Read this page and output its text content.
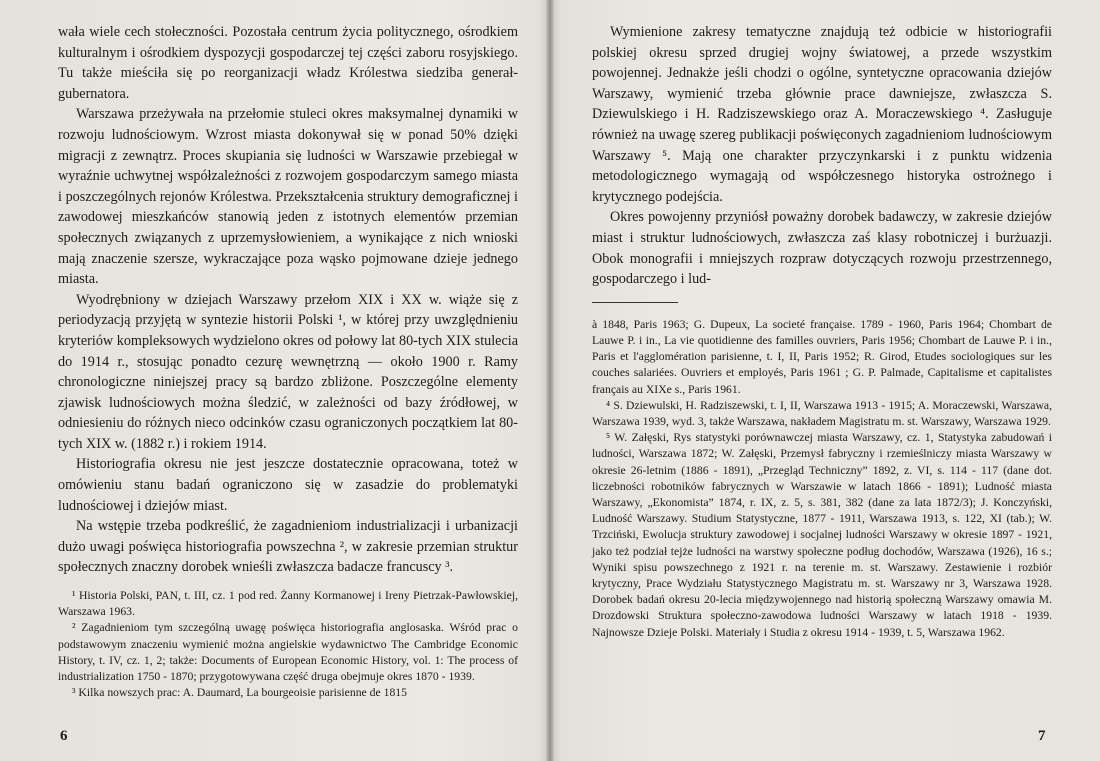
wała wiele cech stołeczności. Pozostała centrum życia politycznego, ośrodkiem kulturalnym i ośrodkiem dyspozycji gospodarczej tej części zaboru rosyjskiego. Tu także mieściła się po reorganizacji władz Królestwa siedziba generał-gubernatora.

Warszawa przeżywała na przełomie stuleci okres maksymalnej dynamiki w rozwoju ludnościowym. Wzrost miasta dokonywał się w ponad 50% dzięki migracji z zewnątrz. Proces skupiania się ludności w Warszawie przebiegał w wyraźnie uchwytnej współzależności z rozwojem gospodarczym samego miasta i poszczególnych rejonów Królestwa. Przekształcenia struktury demograficznej i zawodowej mieszkańców stanowią jeden z istotnych elementów przemian społecznych związanych z uprzemysłowieniem, a wynikające z nich wnioski mają znaczenie szersze, wykraczające poza wąsko pojmowane dzieje jednego miasta.

Wyodrębniony w dziejach Warszawy przełom XIX i XX w. wiąże się z periodyzacją przyjętą w syntezie historii Polski ¹, w której przy uwzględnieniu kryteriów kompleksowych wydzielono okres od połowy lat 80-tych XIX stulecia do 1914 r., stosując ponadto cezurę wewnętrzną — około 1900 r. Ramy chronologiczne niniejszej pracy są bardzo zbliżone. Poszczególne elementy zjawisk ludnościowych można śledzić, w zależności od bazy źródłowej, w odniesieniu do różnych nieco odcinków czasu ograniczonych początkiem lat 80-tych XIX w. (1882 r.) i rokiem 1914.

Historiografia okresu nie jest jeszcze dostatecznie opracowana, toteż w omówieniu stanu badań ograniczono się w zasadzie do problematyki ludnościowej i dziejów miast.

Na wstępie trzeba podkreślić, że zagadnieniom industrializacji i urbanizacji dużo uwagi poświęca historiografia powszechna ², w zakresie przemian struktur społecznych znaczny dorobek wnieśli zwłaszcza badacze francuscy ³.

¹ Historia Polski, PAN, t. III, cz. 1 pod red. Żanny Kormanowej i Ireny Pietrzak-Pawłowskiej, Warszawa 1963.

² Zagadnieniom tym szczególną uwagę poświęca historiografia anglosaska. Wśród prac o podstawowym znaczeniu wymienić można angielskie wydawnictwo The Cambridge Economic History, t. IV, cz. 1, 2; także: Documents of European Economic History, vol. 1: The process of industrialization 1750 - 1870; przygotowywana część druga obejmuje okres 1870 - 1939.

³ Kilka nowszych prac: A. Daumard, La bourgeoisie parisienne de 1815

6

Wymienione zakresy tematyczne znajdują też odbicie w historiografii polskiej okresu sprzed drugiej wojny światowej, a przede wszystkim powojennej. Jednakże jeśli chodzi o ogólne, syntetyczne opracowania dziejów Warszawy, wymienić trzeba głównie prace dawniejsze, zwłaszcza S. Dziewulskiego i H. Radziszewskiego oraz A. Moraczewskiego ⁴. Zasługuje również na uwagę szereg publikacji poświęconych zagadnieniom ludnościowym Warszawy ⁵. Mają one charakter przyczynkarski i z punktu widzenia metodologicznego wymagają od współczesnego historyka ostrożnego i krytycznego podejścia.

Okres powojenny przyniósł poważny dorobek badawczy, w zakresie dziejów miast i struktur ludnościowych, zwłaszcza zaś klasy robotniczej i burżuazji. Obok monografii i mniejszych rozpraw dotyczących rozwoju przestrzennego, gospodarczego i lud-

à 1848, Paris 1963; G. Dupeux, La societé française. 1789 - 1960, Paris 1964; Chombart de Lauwe P. i in., La vie quotidienne des familles ouvriers, Paris 1956; Chombart de Lauwe P. i in., Paris et l'agglomération parisienne, t. I, II, Paris 1952; R. Girod, Etudes sociologiques sur les couches salariées. Ouvriers et employés, Paris 1961 ; G. P. Palmade, Capitalisme et capitalistes français au XIXe s., Paris 1961.

⁴ S. Dziewulski, H. Radziszewski, t. I, II, Warszawa 1913 - 1915; A. Moraczewski, Warszawa, Warszawa 1939, wyd. 3, także Warszawa, nakładem Magistratu m. st. Warszawy, Warszawa 1929.

⁵ W. Załęski, Rys statystyki porównawczej miasta Warszawy, cz. 1, Statystyka zabudowań i ludności, Warszawa 1872; W. Załęski, Przemysł fabryczny i rzemieślniczy miasta Warszawy w okresie 26-letnim (1886 - 1891), „Przegląd Techniczny” 1892, z. VI, s. 114 - 117 (dane dot. liczebności robotników fabrycznych w Warszawie w latach 1866 - 1891); Ludność miasta Warszawy, „Ekonomista” 1874, r. IX, z. 5, s. 381, 382 (dane za lata 1872/3); J. Konczyński, Ludność Warszawy. Studium Statystyczne, 1877 - 1911, Warszawa 1913, s. 122, XI (tab.); W. Trzciński, Ewolucja struktury zawodowej i socjalnej ludności Warszawy w okresie 1897 - 1921, jako też podział tejże ludności na warstwy społeczne podług dochodów, Warszawa (1926), 16 s.; Wyniki spisu powszechnego z 1921 r. na terenie m. st. Warszawy. Zestawienie i rozbiór krytyczny, Prace Wydziału Statystycznego Magistratu m. st. Warszawy nr 3, Warszawa 1928. Dorobek badań okresu 20-lecia międzywojennego nad historią społeczną Warszawy omawia M. Drozdowski Struktura społeczno-zawodowa ludności Warszawy w latach 1918 - 1939. Najnowsze Dzieje Polski. Materiały i Studia z okresu 1914 - 1939, t. 5, Warszawa 1962.

7
